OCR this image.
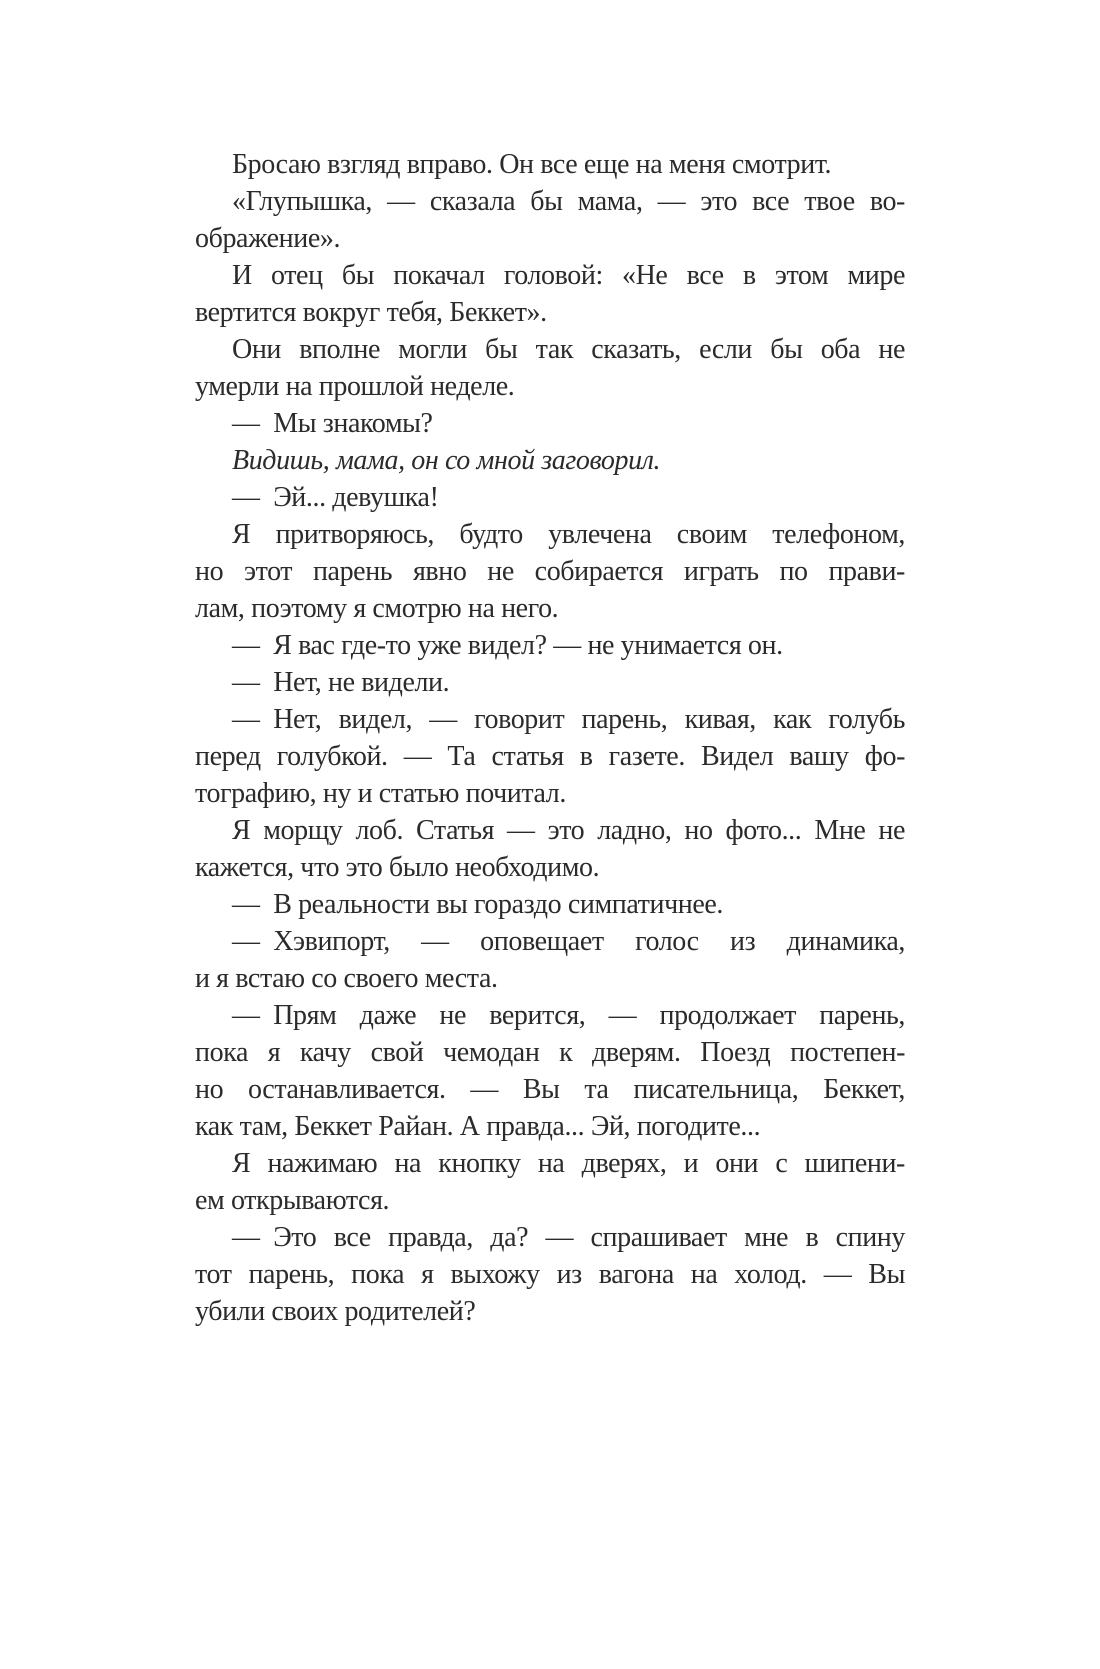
Бросаю взгляд вправо. Он все еще на меня смотрит.
«Глупышка, — сказала бы мама, — это все твое во-
ображение».
И отец бы покачал головой: «Не все в этом мире
вертится вокруг тебя, Беккет».
Они вполне могли бы так сказать, если бы оба не
умерли на прошлой неделе.
— Мы знакомы?
Видишь, мама, он со мной заговорил.
— Эй... девушка!
Я притворяюсь, будто увлечена своим телефоном,
но этот парень явно не собирается играть по прави-
лам, поэтому я смотрю на него.
— Я вас где-то уже видел? — не унимается он.
— Нет, не видели.
— Нет, видел, — говорит парень, кивая, как голубь
перед голубкой. — Та статья в газете. Видел вашу фо-
тографию, ну и статью почитал.
Я морщу лоб. Статья — это ладно, но фото... Мне не
кажется, что это было необходимо.
— В реальности вы гораздо симпатичнее.
— Хэвипорт, — оповещает голос из динамика,
и я встаю со своего места.
— Прям даже не верится, — продолжает парень,
пока я качу свой чемодан к дверям. Поезд постепен-
но останавливается. — Вы та писательница, Беккет,
как там, Беккет Райан. А правда... Эй, погодите...
Я нажимаю на кнопку на дверях, и они с шипени-
ем открываются.
— Это все правда, да? — спрашивает мне в спину
тот парень, пока я выхожу из вагона на холод. — Вы
убили своих родителей?
